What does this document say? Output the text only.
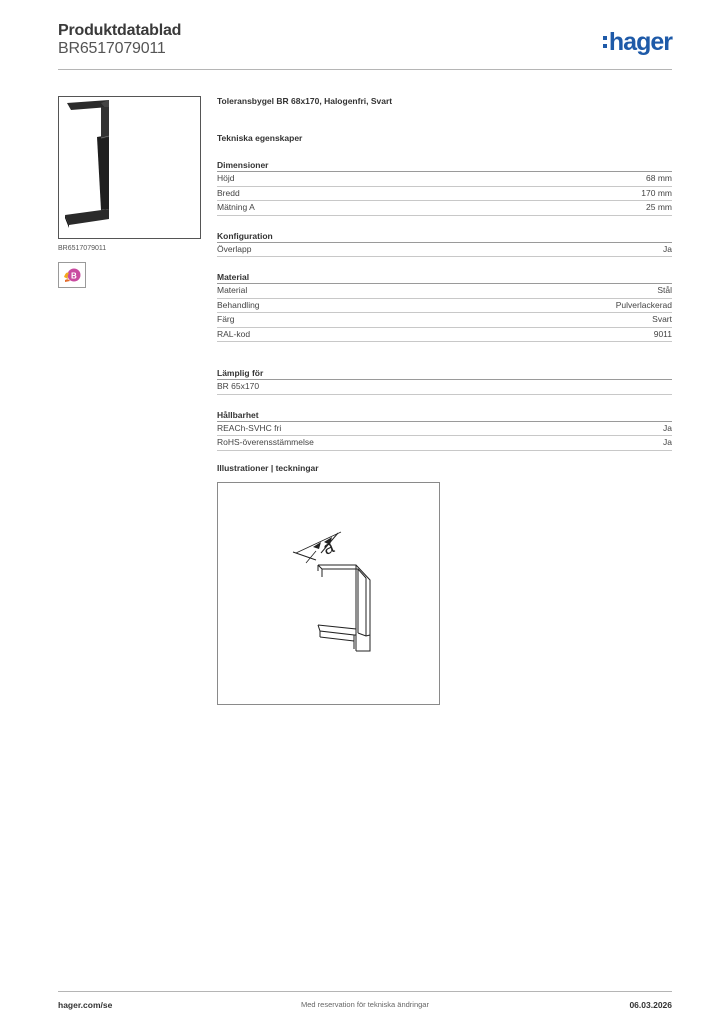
Produktdatablad
BR6517079011	hager
BR6517079011
B
Toleransbygel BR 68x170, Halogenfri, Svart
Tekniska egenskaper
Dimensioner
Höjd	68 mm
Bredd	170 mm
Mätning A	25 mm
Konfiguration
Överlapp	Ja
Material
Material	Stål
Behandling	Pulverlackerad
Färg	Svart
RAL-kod	9011
Lämplig för
BR 65x170
Hållbarhet
REACh-SVHC fri	Ja
RoHS-överensstämmelse	Ja
Illustrationer | teckningar
a
hager.com/se	Med reservation för tekniska ändringar	06.03.2026
